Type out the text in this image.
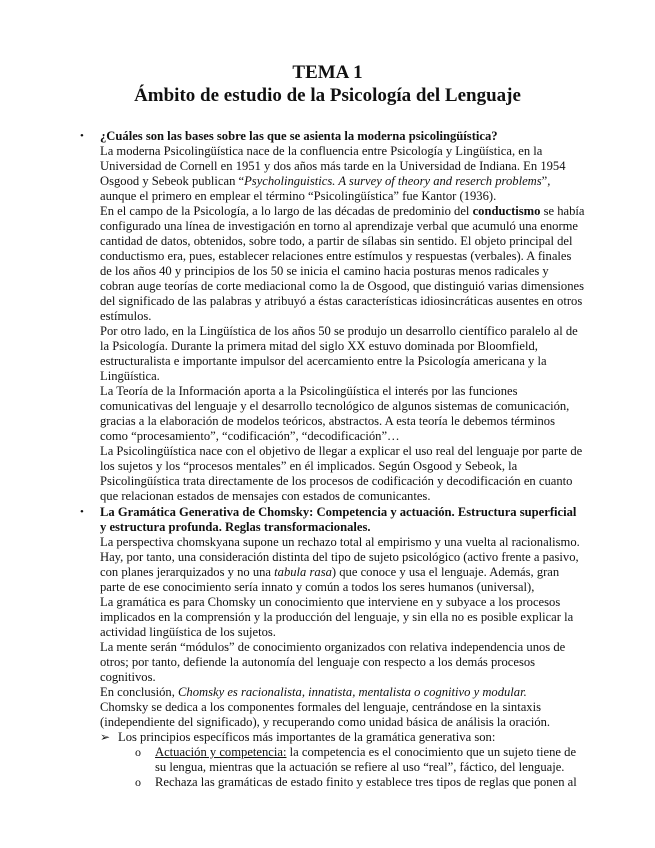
TEMA 1
Ámbito de estudio de la Psicología del Lenguaje
• ¿Cuáles son las bases sobre las que se asienta la moderna psicolingüística?
La moderna Psicolingüística nace de la confluencia entre Psicología y Lingüística, en la
Universidad de Cornell en 1951 y dos años más tarde en la Universidad de Indiana. En 1954
Osgood y Sebeok publican “Psycholinguistics. A survey of theory and reserch problems”,
aunque el primero en emplear el término “Psicolingüística” fue Kantor (1936).
En el campo de la Psicología, a lo largo de las décadas de predominio del conductismo se había
configurado una línea de investigación en torno al aprendizaje verbal que acumuló una enorme
cantidad de datos, obtenidos, sobre todo, a partir de sílabas sin sentido. El objeto principal del
conductismo era, pues, establecer relaciones entre estímulos y respuestas (verbales). A finales
de los años 40 y principios de los 50 se inicia el camino hacia posturas menos radicales y
cobran auge teorías de corte mediacional como la de Osgood, que distinguió varias dimensiones
del significado de las palabras y atribuyó a éstas características idiosincráticas ausentes en otros
estímulos.
Por otro lado, en la Lingüística de los años 50 se produjo un desarrollo científico paralelo al de
la Psicología. Durante la primera mitad del siglo XX estuvo dominada por Bloomfield,
estructuralista e importante impulsor del acercamiento entre la Psicología americana y la
Lingüística.
La Teoría de la Información aporta a la Psicolingüística el interés por las funciones
comunicativas del lenguaje y el desarrollo tecnológico de algunos sistemas de comunicación,
gracias a la elaboración de modelos teóricos, abstractos. A esta teoría le debemos términos
como “procesamiento”, “codificación”, “decodificación”…
La Psicolingüística nace con el objetivo de llegar a explicar el uso real del lenguaje por parte de
los sujetos y los “procesos mentales” en él implicados. Según Osgood y Sebeok, la
Psicolingüística trata directamente de los procesos de codificación y decodificación en cuanto
que relacionan estados de mensajes con estados de comunicantes.
• La Gramática Generativa de Chomsky: Competencia y actuación. Estructura superficial
y estructura profunda. Reglas transformacionales.
La perspectiva chomskyana supone un rechazo total al empirismo y una vuelta al racionalismo.
Hay, por tanto, una consideración distinta del tipo de sujeto psicológico (activo frente a pasivo,
con planes jerarquizados y no una tabula rasa) que conoce y usa el lenguaje. Además, gran
parte de ese conocimiento sería innato y común a todos los seres humanos (universal),
La gramática es para Chomsky un conocimiento que interviene en y subyace a los procesos
implicados en la comprensión y la producción del lenguaje, y sin ella no es posible explicar la
actividad lingüística de los sujetos.
La mente serán “módulos” de conocimiento organizados con relativa independencia unos de
otros; por tanto, defiende la autonomía del lenguaje con respecto a los demás procesos
cognitivos.
En conclusión, Chomsky es racionalista, innatista, mentalista o cognitivo y modular.
Chomsky se dedica a los componentes formales del lenguaje, centrándose en la sintaxis
(independiente del significado), y recuperando como unidad básica de análisis la oración.
➢ Los principios específicos más importantes de la gramática generativa son:
o Actuación y competencia: la competencia es el conocimiento que un sujeto tiene de
su lengua, mientras que la actuación se refiere al uso “real”, fáctico, del lenguaje.
o Rechaza las gramáticas de estado finito y establece tres tipos de reglas que ponen al
